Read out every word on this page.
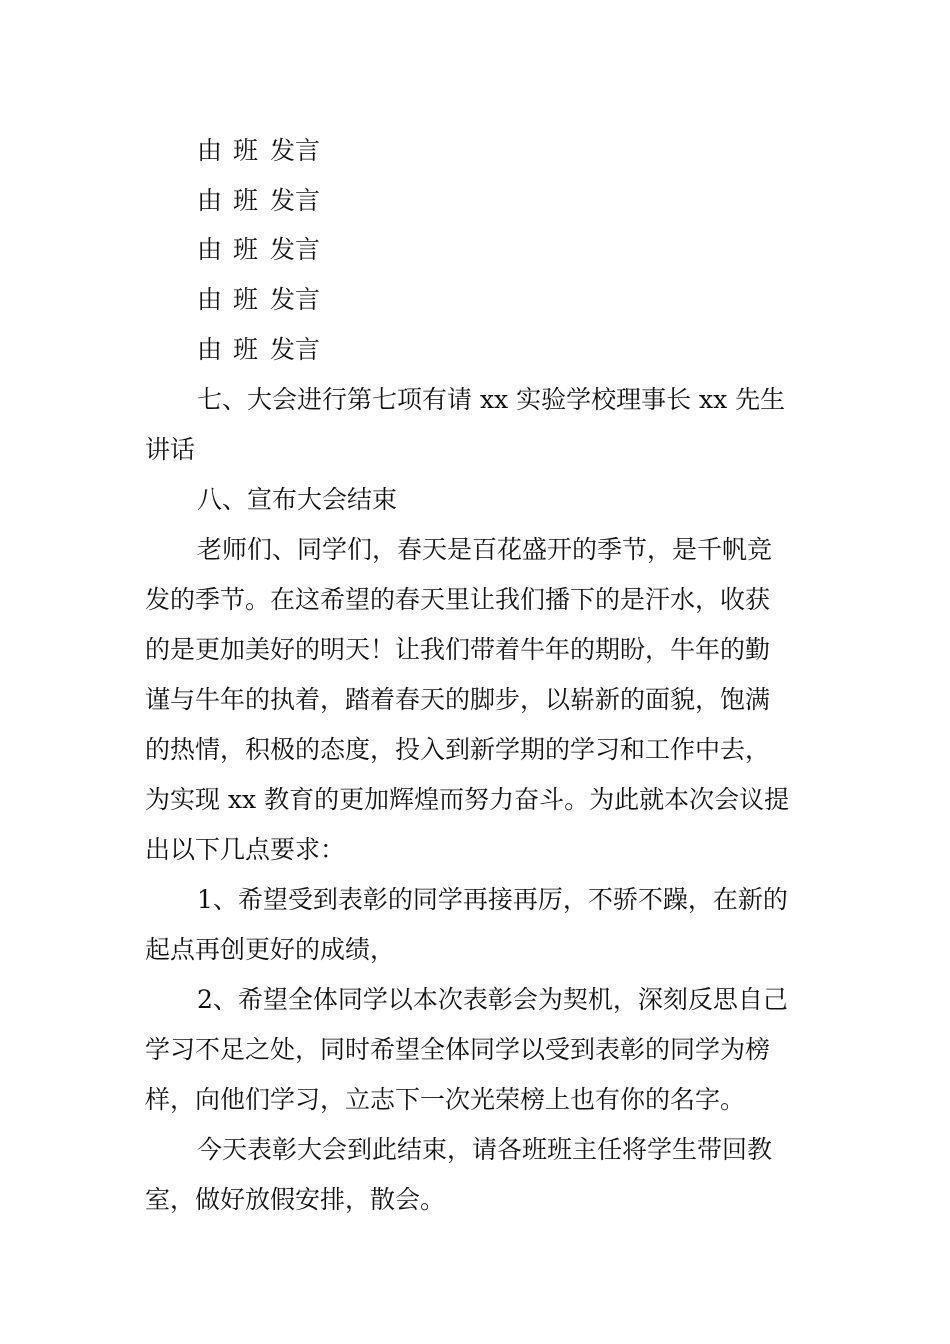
由 班 发言
由 班 发言
由 班 发言
由 班 发言
由 班 发言
七、大会进行第七项有请 xx 实验学校理事长 xx 先生
讲话
八、宣布大会结束
老师们、同学们，春天是百花盛开的季节，是千帆竞
发的季节。在这希望的春天里让我们播下的是汗水，收获
的是更加美好的明天！让我们带着牛年的期盼，牛年的勤
谨与牛年的执着，踏着春天的脚步，以崭新的面貌，饱满
的热情，积极的态度，投入到新学期的学习和工作中去，
为实现 xx 教育的更加辉煌而努力奋斗。为此就本次会议提
出以下几点要求：
1、希望受到表彰的同学再接再厉，不骄不躁，在新的
起点再创更好的成绩，
2、希望全体同学以本次表彰会为契机，深刻反思自己
学习不足之处，同时希望全体同学以受到表彰的同学为榜
样，向他们学习，立志下一次光荣榜上也有你的名字。
今天表彰大会到此结束，请各班班主任将学生带回教
室，做好放假安排，散会。
